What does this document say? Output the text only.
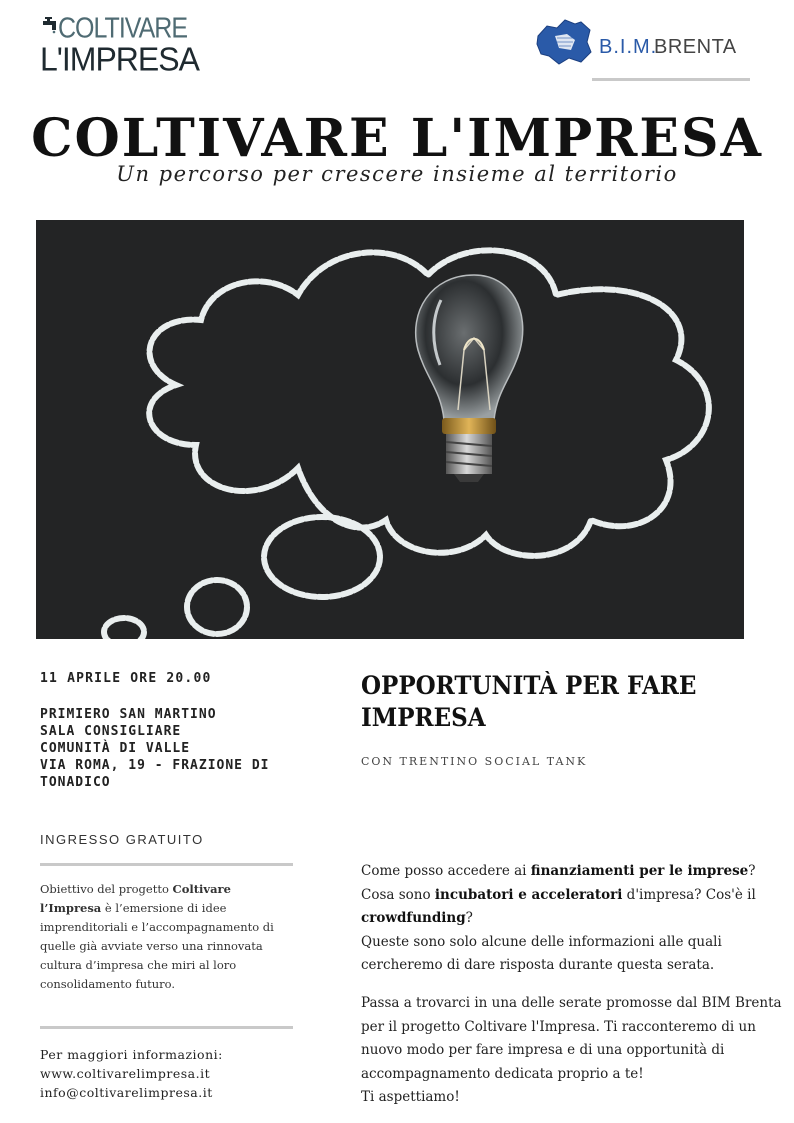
COLTIVARE
L'IMPRESA	B.I.M.
BRENTA
COLTIVARE L'IMPRESA
Un percorso per crescere insieme al territorio
11 APRILE ORE 20.00
PRIMIERO SAN MARTINO
SALA CONSIGLIARE
COMUNITÀ DI VALLE
VIA ROMA, 19 - FRAZIONE DI
TONADICO
INGRESSO GRATUITO
Obiettivo del progetto Coltivare l’Impresa è l’emersione di idee imprenditoriali e l’accompagnamento di quelle già avviate verso una rinnovata cultura d’impresa che miri al loro consolidamento futuro.
Per maggiori informazioni:
www.coltivarelimpresa.it
info@coltivarelimpresa.it
OPPORTUNITÀ PER FARE IMPRESA
CON TRENTINO SOCIAL TANK
Come posso accedere ai finanziamenti per le imprese?
Cosa sono incubatori e acceleratori d'impresa? Cos'è il
crowdfunding?
Queste sono solo alcune delle informazioni alle quali
cercheremo di dare risposta durante questa serata.
Passa a trovarci in una delle serate promosse dal BIM Brenta
per il progetto Coltivare l'Impresa. Ti racconteremo di un
nuovo modo per fare impresa e di una opportunità di
accompagnamento dedicata proprio a te!
Ti aspettiamo!
